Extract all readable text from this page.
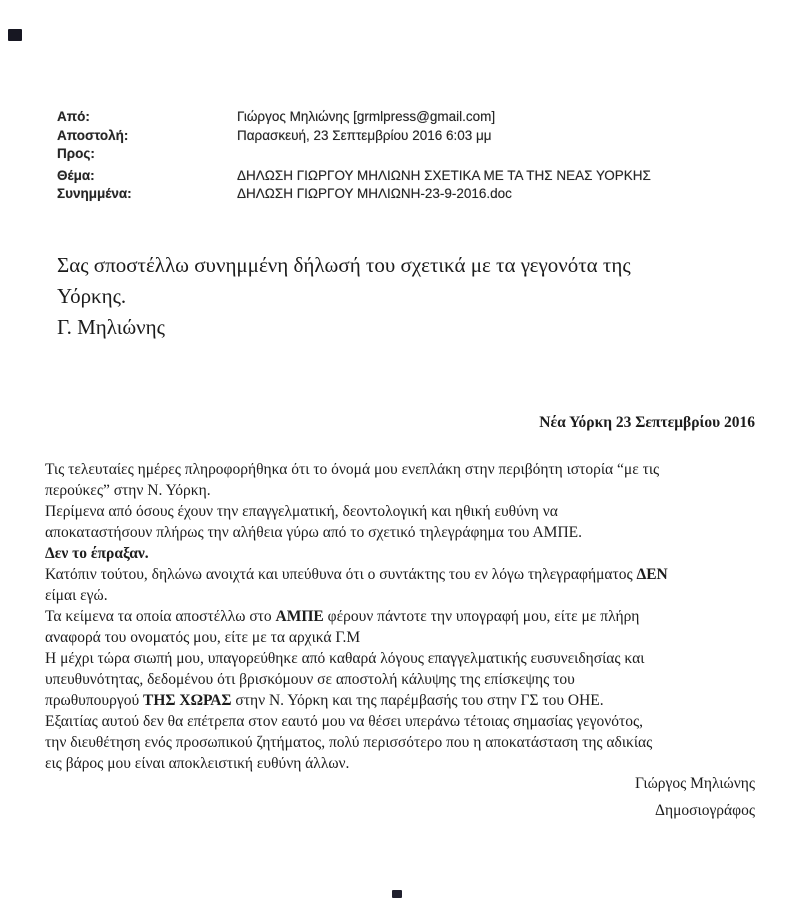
Από:	Γιώργος Μηλιώνης [grmlpress@gmail.com]
Αποστολή:	Παρασκευή, 23 Σεπτεμβρίου 2016 6:03 μμ
Προς:
Θέμα:	ΔΗΛΩΣΗ ΓΙΩΡΓΟΥ ΜΗΛΙΩΝΗ ΣΧΕΤΙΚΑ ΜΕ ΤΑ ΤΗΣ ΝΕΑΣ ΥΟΡΚΗΣ
Συνημμένα:	ΔΗΛΩΣΗ ΓΙΩΡΓΟΥ ΜΗΛΙΩΝΗ-23-9-2016.doc
Σας σποστέλλω συνημμένη δήλωσή του σχετικά με τα γεγονότα της
Υόρκης.
Γ. Μηλιώνης
Νέα Υόρκη 23 Σεπτεμβρίου 2016
Τις τελευταίες ημέρες πληροφορήθηκα ότι το όνομά μου ενεπλάκη στην περιβόητη ιστορία “με τις
περούκες” στην Ν. Υόρκη.
Περίμενα από όσους έχουν την επαγγελματική, δεοντολογική και ηθική ευθύνη να
αποκαταστήσουν πλήρως την αλήθεια γύρω από το σχετικό τηλεγράφημα του ΑΜΠΕ.
Δεν το έπραξαν.
Κατόπιν τούτου, δηλώνω ανοιχτά και υπεύθυνα ότι ο συντάκτης του εν λόγω τηλεγραφήματος ΔΕΝ
είμαι εγώ.
Τα κείμενα τα οποία αποστέλλω στο ΑΜΠΕ φέρουν πάντοτε την υπογραφή μου, είτε με πλήρη
αναφορά του ονοματός μου, είτε με τα αρχικά Γ.Μ
Η μέχρι τώρα σιωπή μου, υπαγορεύθηκε από καθαρά λόγους επαγγελματικής ευσυνειδησίας και
υπευθυνότητας, δεδομένου ότι βρισκόμουν σε αποστολή κάλυψης της επίσκεψης του
πρωθυπουργού ΤΗΣ ΧΩΡΑΣ στην Ν. Υόρκη και της παρέμβασής του στην ΓΣ του ΟΗΕ.
Εξαιτίας αυτού δεν θα επέτρεπα στον εαυτό μου να θέσει υπεράνω τέτοιας σημασίας γεγονότος,
την διευθέτηση ενός προσωπικού ζητήματος, πολύ περισσότερο που η αποκατάσταση της αδικίας
εις βάρος μου είναι αποκλειστική ευθύνη άλλων.
Γιώργος Μηλιώνης
Δημοσιογράφος
